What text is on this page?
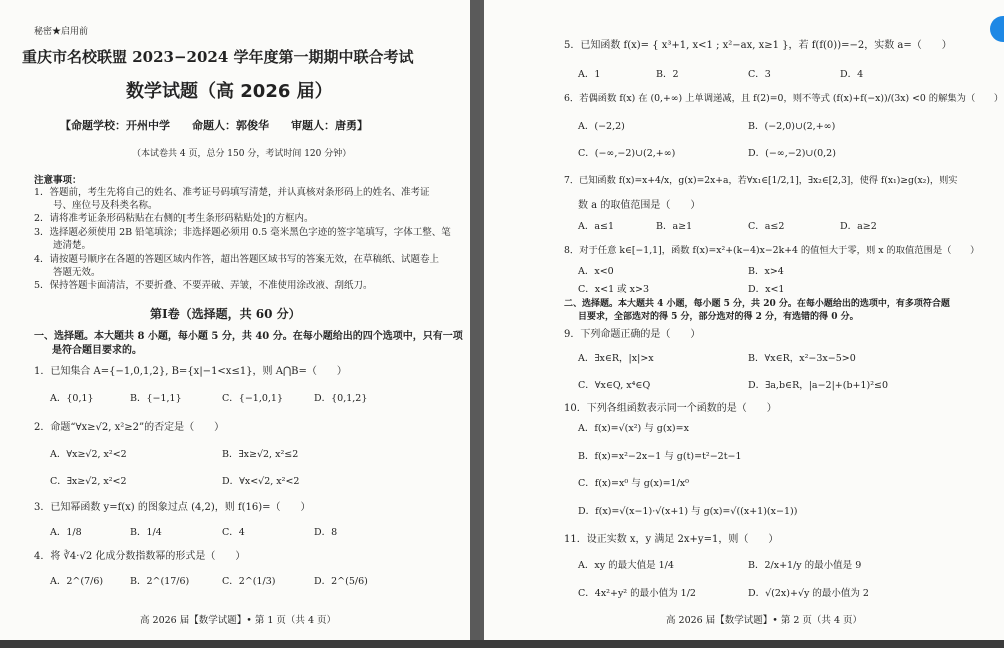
秘密★启用前
重庆市名校联盟 2023−2024 学年度第一期期中联合考试
数学试题（高 2026 届）
【命题学校：开州中学　　命题人：郭俊华　　审题人：唐勇】
（本试卷共 4 页，总分 150 分，考试时间 120 分钟）
注意事项：
1．答题前，考生先将自己的姓名、准考证号码填写清楚，并认真核对条形码上的姓名、准考证
　　号、座位号及科类名称。
2．请将准考证条形码粘贴在右侧的[考生条形码粘贴处]的方框内。
3．选择题必须使用 2B 铅笔填涂；非选择题必须用 0.5 毫米黑色字迹的签字笔填写，字体工整、笔
　　迹清楚。
4．请按题号顺序在各题的答题区域内作答，超出答题区域书写的答案无效，在草稿纸、试题卷上
　　答题无效。
5．保持答题卡面清洁，不要折叠、不要弄破、弄皱，不准使用涂改液、刮纸刀。
第Ⅰ卷（选择题，共 60 分）
一、选择题。本大题共 8 小题，每小题 5 分，共 40 分。在每小题给出的四个选项中，只有一项
是符合题目要求的。
1．已知集合 A={−1,0,1,2}, B={x|−1<x≤1}，则 A⋂B=（　　）
A．{0,1}	B．{−1,1}	C．{−1,0,1}	D．{0,1,2}
2．命题“∀x≥√2, x²≥2”的否定是（　　）
A．∀x≥√2, x²<2	B．∃x≥√2, x²≤2
C．∃x≥√2, x²<2	D．∀x<√2, x²<2
3．已知幂函数 y=f(x) 的图象过点 (4,2)，则 f(16)=（　　）
A．1/8	B．1/4	C．4	D．8
4．将 ∛4·√2 化成分数指数幂的形式是（　　）
A．2^(7/6)	B．2^(17/6)	C．2^(1/3)	D．2^(5/6)
高 2026 届【数学试题】• 第 1 页（共 4 页）
5．已知函数 f(x)= { x³+1, x<1 ; x²−ax, x≥1 }，若 f(f(0))=−2，实数 a=（　　）
A．1	B．2	C．3	D．4
6．若偶函数 f(x) 在 (0,+∞) 上单调递减，且 f(2)=0，则不等式 (f(x)+f(−x))/(3x) <0 的解集为（　　）
A．(−2,2)	B．(−2,0)∪(2,+∞)
C．(−∞,−2)∪(2,+∞)	D．(−∞,−2)∪(0,2)
7．已知函数 f(x)=x+4/x，g(x)=2x+a，若∀x₁∈[1/2,1]，∃x₂∈[2,3]，使得 f(x₁)≥g(x₂)，则实
数 a 的取值范围是（　　）
A．a≤1	B．a≥1	C．a≤2	D．a≥2
8．对于任意 k∈[−1,1]，函数 f(x)=x²+(k−4)x−2k+4 的值恒大于零，则 x 的取值范围是（　　）
A．x<0	B．x>4
C．x<1 或 x>3	D．x<1
二、选择题。本大题共 4 小题，每小题 5 分，共 20 分。在每小题给出的选项中，有多项符合题
目要求，全部选对的得 5 分，部分选对的得 2 分，有选错的得 0 分。
9．下列命题正确的是（　　）
A．∃x∈R，|x|>x	B．∀x∈R，x²−3x−5>0
C．∀x∈Q, x⁴∈Q	D．∃a,b∈R，|a−2|+(b+1)²≤0
10．下列各组函数表示同一个函数的是（　　）
A．f(x)=√(x²) 与 g(x)=x
B．f(x)=x²−2x−1 与 g(t)=t²−2t−1
C．f(x)=x⁰ 与 g(x)=1/x⁰
D．f(x)=√(x−1)·√(x+1) 与 g(x)=√((x+1)(x−1))
11．设正实数 x，y 满足 2x+y=1，则（　　）
A．xy 的最大值是 1/4	B．2/x+1/y 的最小值是 9
C．4x²+y² 的最小值为 1/2	D．√(2x)+√y 的最小值为 2
高 2026 届【数学试题】• 第 2 页（共 4 页）
